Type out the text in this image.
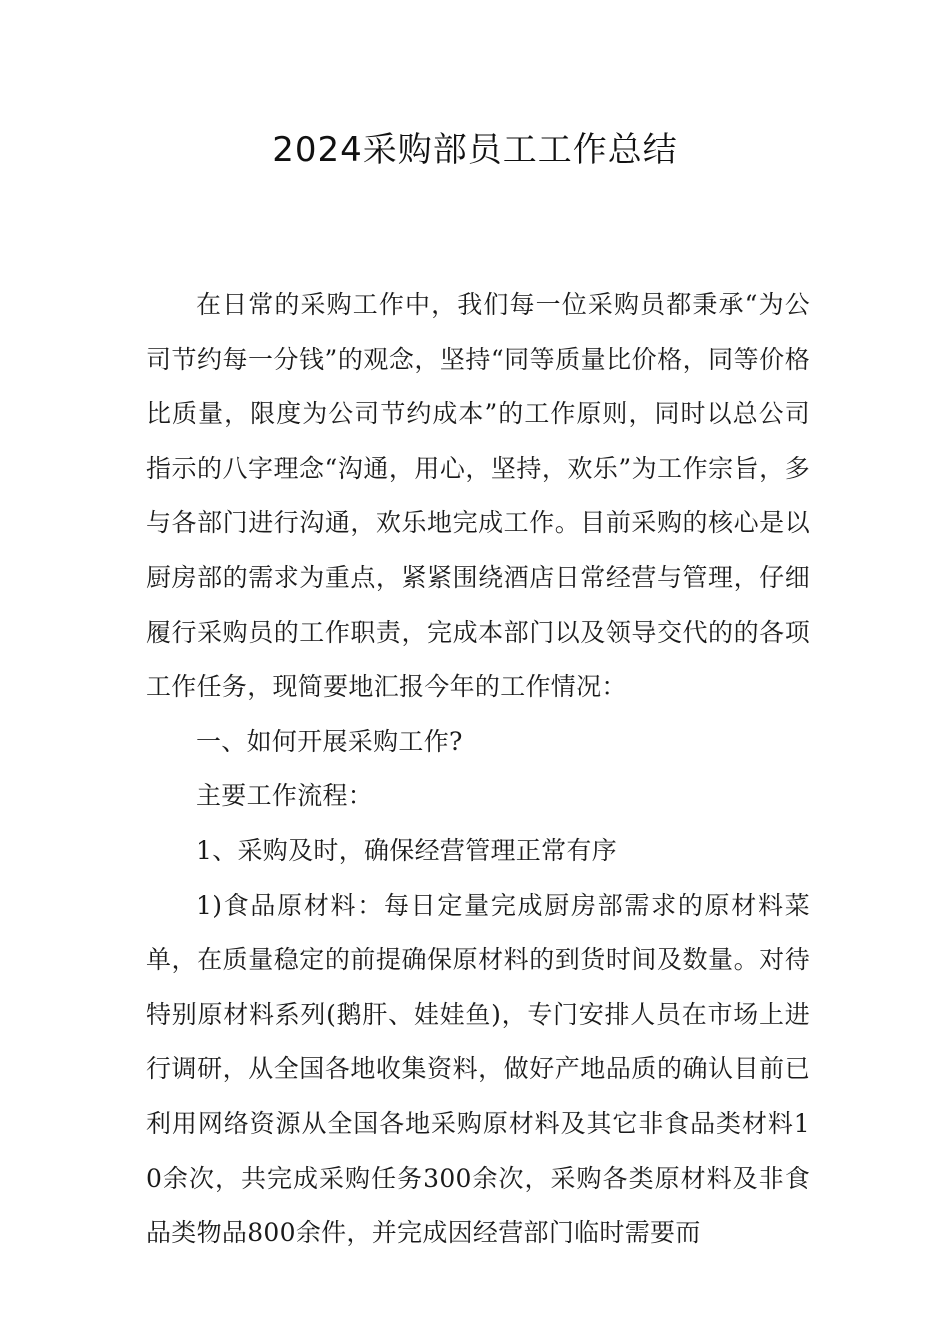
2024采购部员工工作总结

在日常的采购工作中，我们每一位采购员都秉承“为公司节约每一分钱”的观念，坚持“同等质量比价格，同等价格比质量，限度为公司节约成本”的工作原则，同时以总公司指示的八字理念“沟通，用心，坚持，欢乐”为工作宗旨，多与各部门进行沟通，欢乐地完成工作。目前采购的核心是以厨房部的需求为重点，紧紧围绕酒店日常经营与管理，仔细履行采购员的工作职责，完成本部门以及领导交代的的各项工作任务，现简要地汇报今年的工作情况：

一、如何开展采购工作?

主要工作流程：

1、采购及时，确保经营管理正常有序

1)食品原材料：每日定量完成厨房部需求的原材料菜单，在质量稳定的前提确保原材料的到货时间及数量。对待特别原材料系列(鹅肝、娃娃鱼)，专门安排人员在市场上进行调研，从全国各地收集资料，做好产地品质的确认目前已利用网络资源从全国各地采购原材料及其它非食品类材料10余次，共完成采购任务300余次，采购各类原材料及非食品类物品800余件，并完成因经营部门临时需要而
